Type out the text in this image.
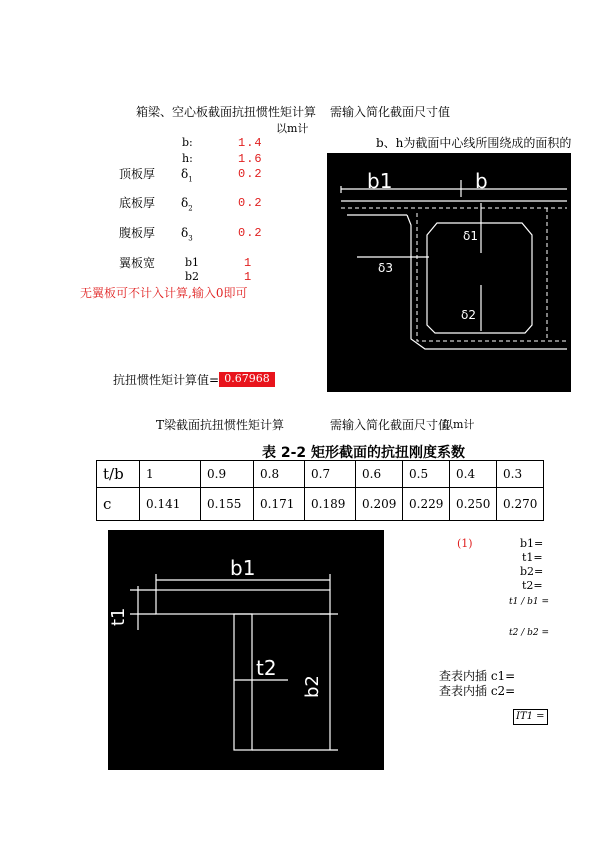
箱梁、空心板截面抗扭惯性矩计算 需输入简化截面尺寸值
以m计
b、h为截面中心线所围绕成的面积的
b:	1.4
h:	1.6
顶板厚 $\delta_1$	0.2
底板厚 $\delta_2$	0.2
腹板厚 $\delta_3$	0.2
翼板宽	b1	1
b2	1
无翼板可不计入计算,输入0即可
抗扭惯性矩计算值= 0.67968
b1	b
δ1
δ2
δ3
T梁截面抗扭惯性矩计算	需输入简化截面尺寸值
以m计
表 2-2 矩形截面的抗扭刚度系数
t/b	1	0.9	0.8	0.7	0.6	0.5	0.4	0.3
c	0.141	0.155	0.171	0.189	0.209	0.229	0.250	0.270
b1
t1
t2
b2
(1)	b1=
t1=
b2=
t2=
t1 / b1 =
t2 / b2 =
查表内插 c1=
查表内插 c2=
IT1 =
